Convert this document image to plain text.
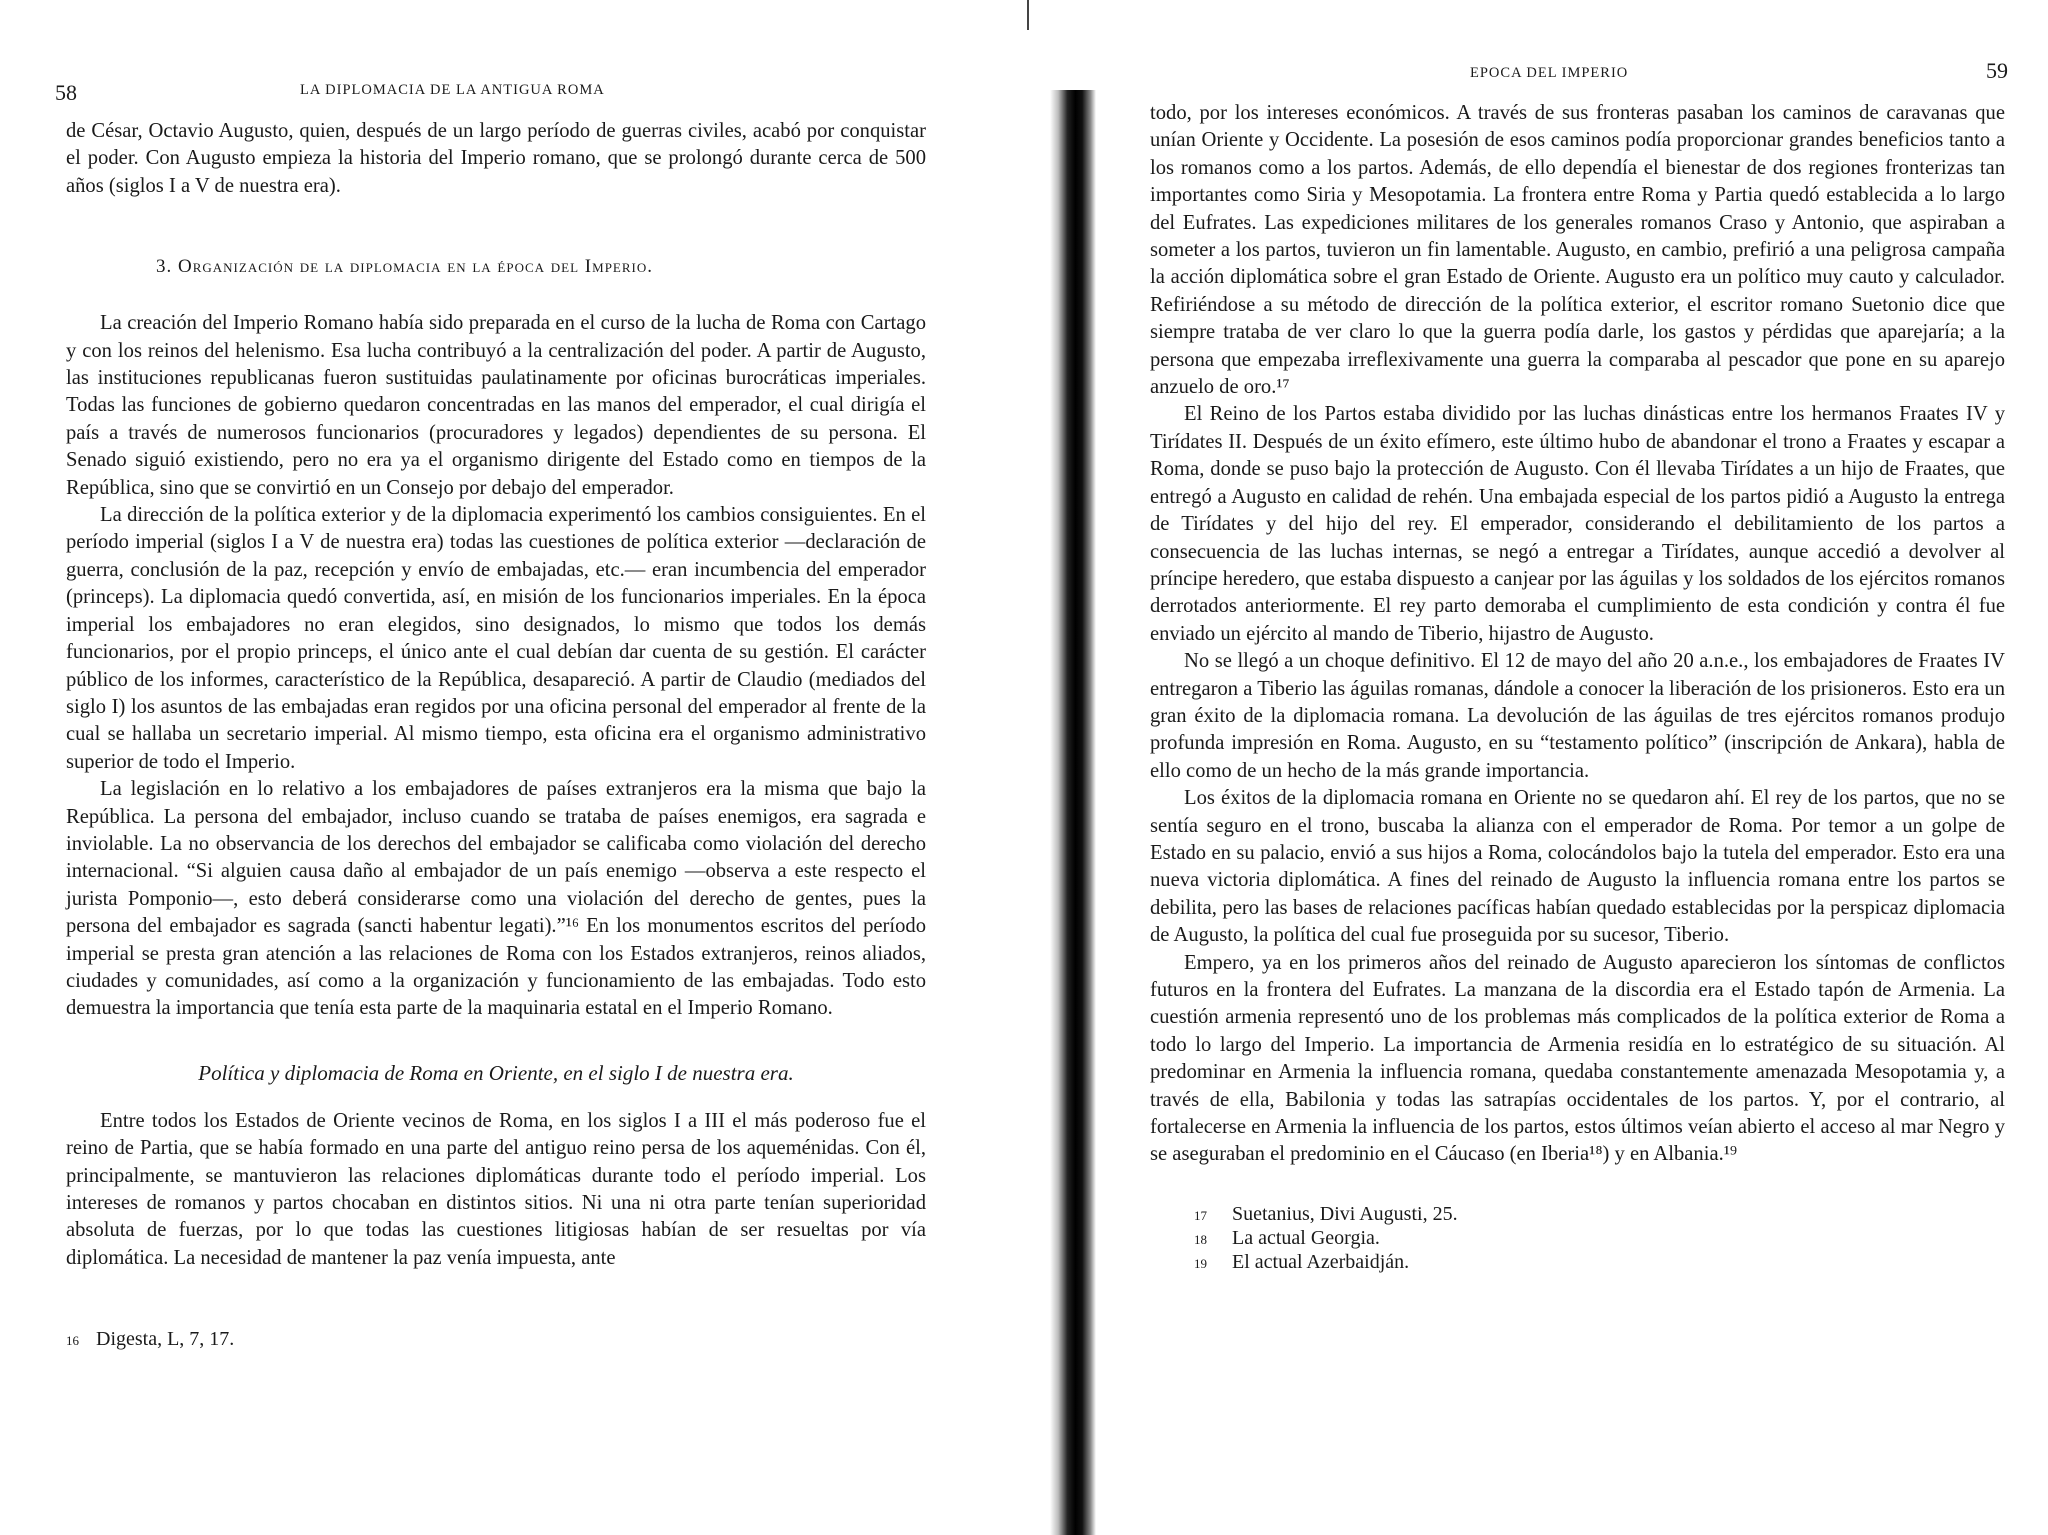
58	LA DIPLOMACIA DE LA ANTIGUA ROMA

de César, Octavio Augusto, quien, después de un largo período de guerras civiles, acabó por conquistar el poder. Con Augusto empieza la historia del Imperio romano, que se prolongó durante cerca de 500 años (siglos I a V de nuestra era).

3. Organización de la diplomacia en la época del Imperio.

La creación del Imperio Romano había sido preparada en el curso de la lucha de Roma con Cartago y con los reinos del helenismo. Esa lucha contribuyó a la centralización del poder. A partir de Augusto, las instituciones republicanas fueron sustituidas paulatinamente por oficinas burocráticas imperiales. Todas las funciones de gobierno quedaron concentradas en las manos del emperador, el cual dirigía el país a través de numerosos funcionarios (procuradores y legados) dependientes de su persona. El Senado siguió existiendo, pero no era ya el organismo dirigente del Estado como en tiempos de la República, sino que se convirtió en un Consejo por debajo del emperador.

La dirección de la política exterior y de la diplomacia experimentó los cambios consiguientes. En el período imperial (siglos I a V de nuestra era) todas las cuestiones de política exterior —declaración de guerra, conclusión de la paz, recepción y envío de embajadas, etc.— eran incumbencia del emperador (princeps). La diplomacia quedó convertida, así, en misión de los funcionarios imperiales. En la época imperial los embajadores no eran elegidos, sino designados, lo mismo que todos los demás funcionarios, por el propio princeps, el único ante el cual debían dar cuenta de su gestión. El carácter público de los informes, característico de la República, desapareció. A partir de Claudio (mediados del siglo I) los asuntos de las embajadas eran regidos por una oficina personal del emperador al frente de la cual se hallaba un secretario imperial. Al mismo tiempo, esta oficina era el organismo administrativo superior de todo el Imperio.

La legislación en lo relativo a los embajadores de países extranjeros era la misma que bajo la República. La persona del embajador, incluso cuando se trataba de países enemigos, era sagrada e inviolable. La no observancia de los derechos del embajador se calificaba como violación del derecho internacional. “Si alguien causa daño al embajador de un país enemigo —observa a este respecto el jurista Pomponio—, esto deberá considerarse como una violación del derecho de gentes, pues la persona del embajador es sagrada (sancti habentur legati).”¹⁶ En los monumentos escritos del período imperial se presta gran atención a las relaciones de Roma con los Estados extranjeros, reinos aliados, ciudades y comunidades, así como a la organización y funcionamiento de las embajadas. Todo esto demuestra la importancia que tenía esta parte de la maquinaria estatal en el Imperio Romano.

Política y diplomacia de Roma en Oriente, en el siglo I de nuestra era.

Entre todos los Estados de Oriente vecinos de Roma, en los siglos I a III el más poderoso fue el reino de Partia, que se había formado en una parte del antiguo reino persa de los aqueménidas. Con él, principalmente, se mantuvieron las relaciones diplomáticas durante todo el período imperial. Los intereses de romanos y partos chocaban en distintos sitios. Ni una ni otra parte tenían superioridad absoluta de fuerzas, por lo que todas las cuestiones litigiosas habían de ser resueltas por vía diplomática. La necesidad de mantener la paz venía impuesta, ante

16 Digesta, L, 7, 17.
EPOCA DEL IMPERIO	59

todo, por los intereses económicos. A través de sus fronteras pasaban los caminos de caravanas que unían Oriente y Occidente. La posesión de esos caminos podía proporcionar grandes beneficios tanto a los romanos como a los partos. Además, de ello dependía el bienestar de dos regiones fronterizas tan importantes como Siria y Mesopotamia. La frontera entre Roma y Partia quedó establecida a lo largo del Eufrates. Las expediciones militares de los generales romanos Craso y Antonio, que aspiraban a someter a los partos, tuvieron un fin lamentable. Augusto, en cambio, prefirió a una peligrosa campaña la acción diplomática sobre el gran Estado de Oriente. Augusto era un político muy cauto y calculador. Refiriéndose a su método de dirección de la política exterior, el escritor romano Suetonio dice que siempre trataba de ver claro lo que la guerra podía darle, los gastos y pérdidas que aparejaría; a la persona que empezaba irreflexivamente una guerra la comparaba al pescador que pone en su aparejo anzuelo de oro.¹⁷

El Reino de los Partos estaba dividido por las luchas dinásticas entre los hermanos Fraates IV y Tirídates II. Después de un éxito efímero, este último hubo de abandonar el trono a Fraates y escapar a Roma, donde se puso bajo la protección de Augusto. Con él llevaba Tirídates a un hijo de Fraates, que entregó a Augusto en calidad de rehén. Una embajada especial de los partos pidió a Augusto la entrega de Tirídates y del hijo del rey. El emperador, considerando el debilitamiento de los partos a consecuencia de las luchas internas, se negó a entregar a Tirídates, aunque accedió a devolver al príncipe heredero, que estaba dispuesto a canjear por las águilas y los soldados de los ejércitos romanos derrotados anteriormente. El rey parto demoraba el cumplimiento de esta condición y contra él fue enviado un ejército al mando de Tiberio, hijastro de Augusto.

No se llegó a un choque definitivo. El 12 de mayo del año 20 a.n.e., los embajadores de Fraates IV entregaron a Tiberio las águilas romanas, dándole a conocer la liberación de los prisioneros. Esto era un gran éxito de la diplomacia romana. La devolución de las águilas de tres ejércitos romanos produjo profunda impresión en Roma. Augusto, en su “testamento político” (inscripción de Ankara), habla de ello como de un hecho de la más grande importancia.

Los éxitos de la diplomacia romana en Oriente no se quedaron ahí. El rey de los partos, que no se sentía seguro en el trono, buscaba la alianza con el emperador de Roma. Por temor a un golpe de Estado en su palacio, envió a sus hijos a Roma, colocándolos bajo la tutela del emperador. Esto era una nueva victoria diplomática. A fines del reinado de Augusto la influencia romana entre los partos se debilita, pero las bases de relaciones pacíficas habían quedado establecidas por la perspicaz diplomacia de Augusto, la política del cual fue proseguida por su sucesor, Tiberio.

Empero, ya en los primeros años del reinado de Augusto aparecieron los síntomas de conflictos futuros en la frontera del Eufrates. La manzana de la discordia era el Estado tapón de Armenia. La cuestión armenia representó uno de los problemas más complicados de la política exterior de Roma a todo lo largo del Imperio. La importancia de Armenia residía en lo estratégico de su situación. Al predominar en Armenia la influencia romana, quedaba constantemente amenazada Mesopotamia y, a través de ella, Babilonia y todas las satrapías occidentales de los partos. Y, por el contrario, al fortalecerse en Armenia la influencia de los partos, estos últimos veían abierto el acceso al mar Negro y se aseguraban el predominio en el Cáucaso (en Iberia¹⁸) y en Albania.¹⁹

17	Suetanius, Divi Augusti, 25.
18	La actual Georgia.
19	El actual Azerbaidján.
